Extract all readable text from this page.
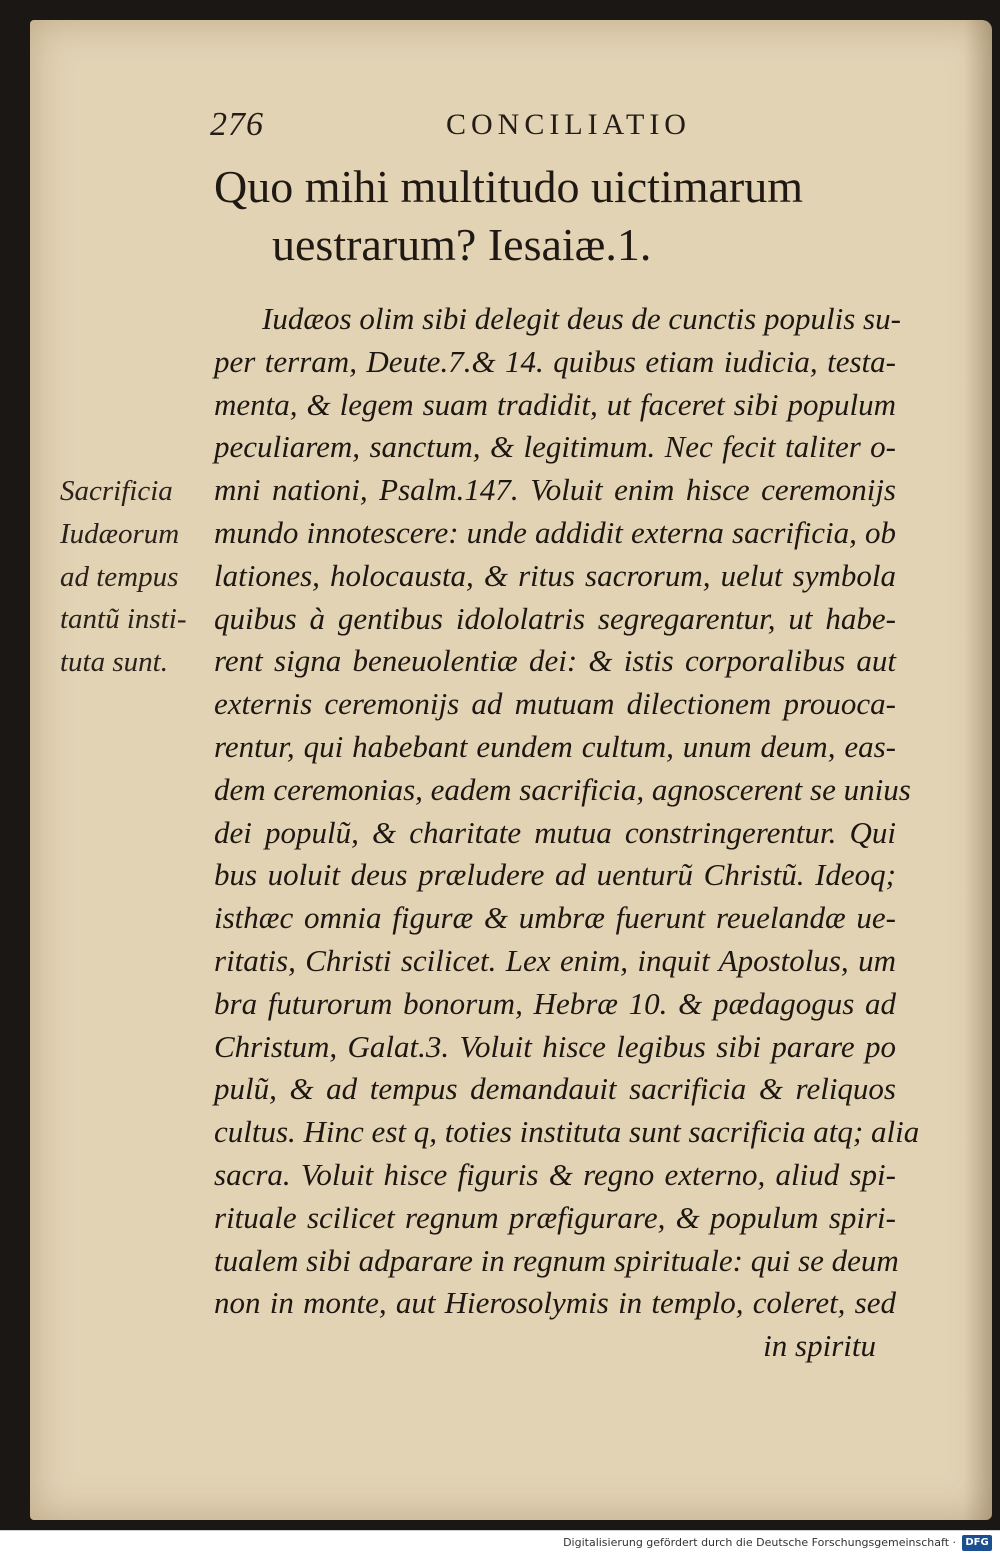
276	CONCILIATIO
Quo mihi multitudo uictimarum
uestrarum? Iesaiæ.1.
Sacrificia
Iudæorum
ad tempus
tantũ insti-
tuta sunt.
Iudæos olim sibi delegit deus de cunctis populis su-
per terram, Deute.7.& 14. quibus etiam iudicia, testa-
menta, & legem suam tradidit, ut faceret sibi populum
peculiarem, sanctum, & legitimum. Nec fecit taliter o-
mni nationi, Psalm.147. Voluit enim hisce ceremonijs
mundo innotescere: unde addidit externa sacrificia, ob
lationes, holocausta, & ritus sacrorum, uelut symbola
quibus à gentibus idololatris segregarentur, ut habe-
rent signa beneuolentiæ dei: & istis corporalibus aut
externis ceremonijs ad mutuam dilectionem prouoca-
rentur, qui habebant eundem cultum, unum deum, eas-
dem ceremonias, eadem sacrificia, agnoscerent se unius
dei populũ, & charitate mutua constringerentur. Qui
bus uoluit deus præludere ad uenturũ Christũ. Ideoq;
isthæc omnia figuræ & umbræ fuerunt reuelandæ ue-
ritatis, Christi scilicet. Lex enim, inquit Apostolus, um
bra futurorum bonorum, Hebræ 10. & pædagogus ad
Christum, Galat.3. Voluit hisce legibus sibi parare po
pulũ, & ad tempus demandauit sacrificia & reliquos
cultus. Hinc est q, toties instituta sunt sacrificia atq; alia
sacra. Voluit hisce figuris & regno externo, aliud spi-
rituale scilicet regnum præfigurare, & populum spiri-
tualem sibi adparare in regnum spirituale: qui se deum
non in monte, aut Hierosolymis in templo, coleret, sed
in spiritu
Digitalisierung gefördert durch die Deutsche Forschungsgemeinschaft · DFG
